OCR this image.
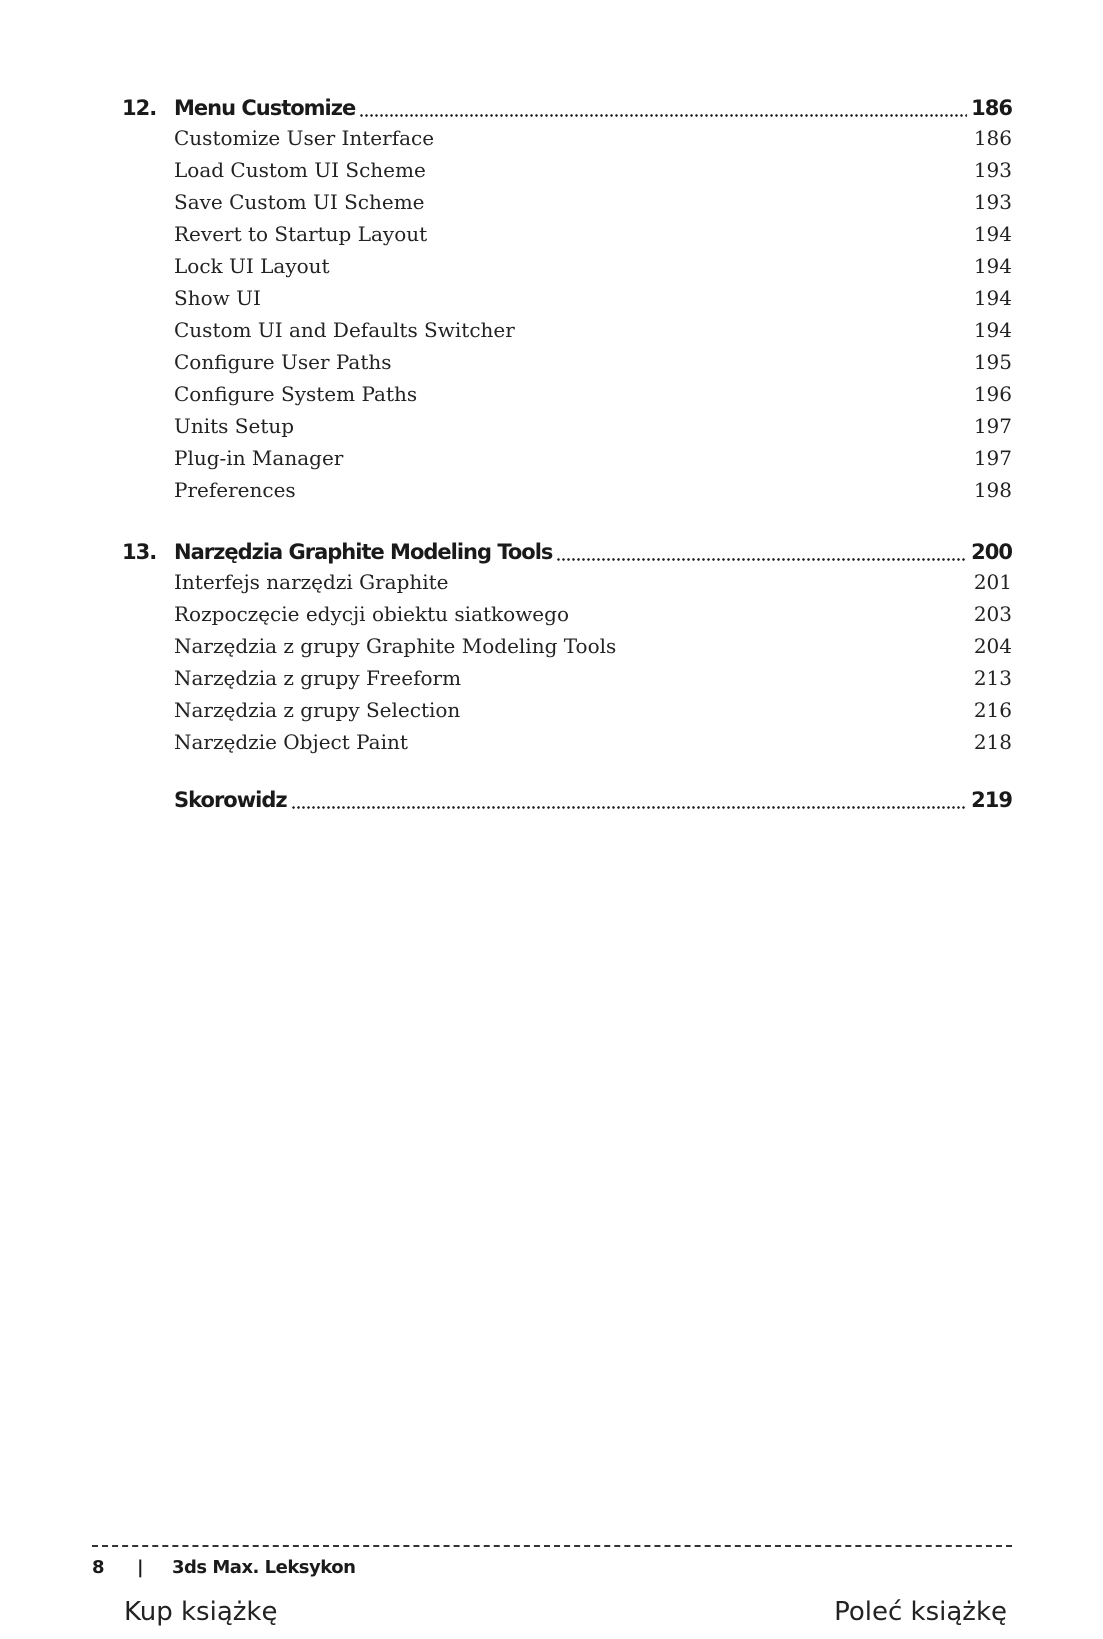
12. Menu Customize	186
Customize User Interface	186
Load Custom UI Scheme	193
Save Custom UI Scheme	193
Revert to Startup Layout	194
Lock UI Layout	194
Show UI	194
Custom UI and Defaults Switcher	194
Configure User Paths	195
Configure System Paths	196
Units Setup	197
Plug-in Manager	197
Preferences	198
13. Narzędzia Graphite Modeling Tools	200
Interfejs narzędzi Graphite	201
Rozpoczęcie edycji obiektu siatkowego	203
Narzędzia z grupy Graphite Modeling Tools	204
Narzędzia z grupy Freeform	213
Narzędzia z grupy Selection	216
Narzędzie Object Paint	218
Skorowidz	219
8 | 3ds Max. Leksykon
Kup książkę	Poleć książkę
